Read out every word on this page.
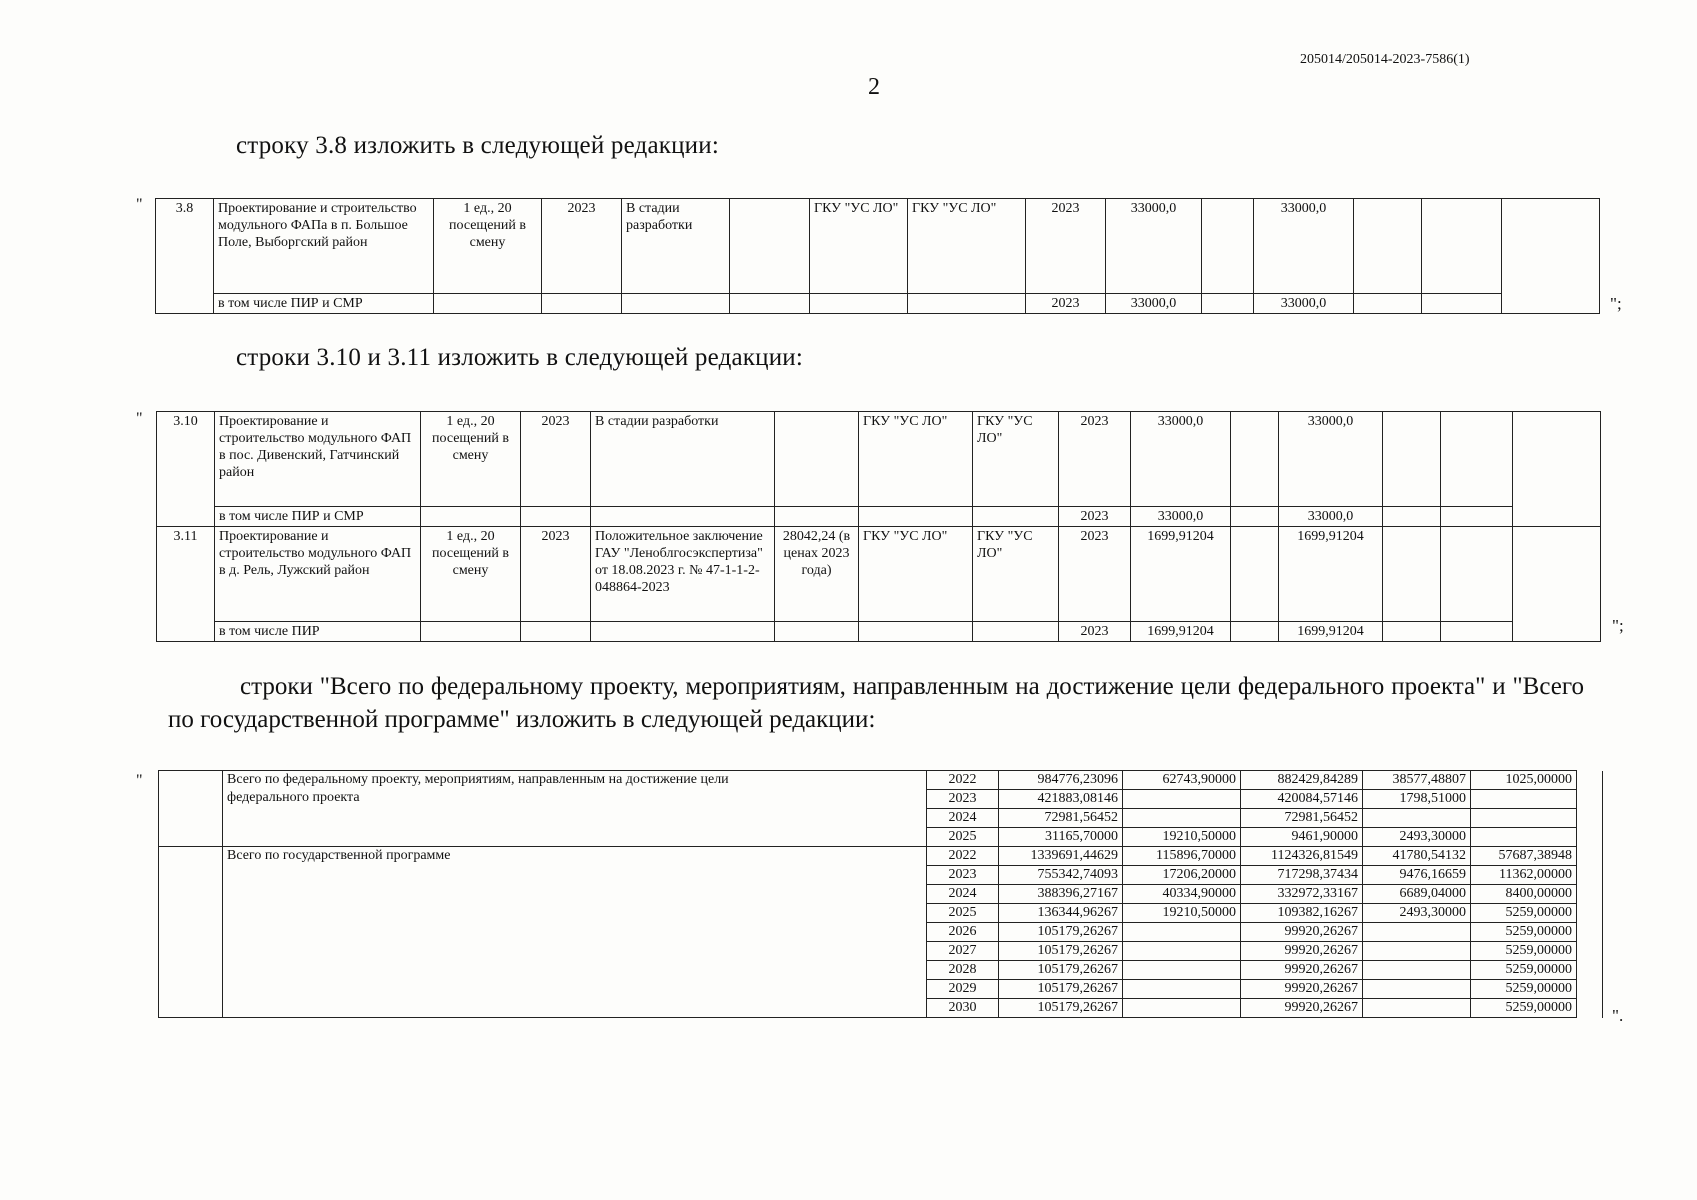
205014/205014-2023-7586(1)
2
строку 3.8 изложить в следующей редакции:
" 3.8	Проектирование и строительство модульного ФАПа в п. Большое Поле, Выборгский район	1 ед., 20 посещений в смену	2023	В стадии разработки		ГКУ "УС ЛО"	ГКУ "УС ЛО"	2023	33000,0		33000,0			
	в том числе ПИР и СМР							2023	33000,0		33000,0				";
строки 3.10 и 3.11 изложить в следующей редакции:
" 3.10	Проектирование и строительство модульного ФАП в пос. Дивенский, Гатчинский район	1 ед., 20 посещений в смену	2023	В стадии разработки		ГКУ "УС ЛО"	ГКУ "УС ЛО"	2023	33000,0		33000,0			
	в том числе ПИР и СМР							2023	33000,0		33000,0			
3.11	Проектирование и строительство модульного ФАП в д. Рель, Лужский район	1 ед., 20 посещений в смену	2023	Положительное заключение ГАУ "Леноблгосэкспертиза" от 18.08.2023 г. № 47-1-1-2-048864-2023	28042,24 (в ценах 2023 года)	ГКУ "УС ЛО"	ГКУ "УС ЛО"	2023	1699,91204		1699,91204			
	в том числе ПИР							2023	1699,91204		1699,91204				";
строки "Всего по федеральному проекту, мероприятиям, направленным на достижение цели федерального проекта" и "Всего по государственной программе" изложить в следующей редакции:
"
		Всего по федеральному проекту, мероприятиям, направленным на достижение цели федерального проекта	2022	984776,23096	62743,90000	882429,84289	38577,48807	1025,00000	
		2023	421883,08146		420084,57146	1798,51000		
		2024	72981,56452		72981,56452			
		2025	31165,70000	19210,50000	9461,90000	2493,30000		
	Всего по государственной программе	2022	1339691,44629	115896,70000	1124326,81549	41780,54132	57687,38948	
		2023	755342,74093	17206,20000	717298,37434	9476,16659	11362,00000	
		2024	388396,27167	40334,90000	332972,33167	6689,04000	8400,00000	
		2025	136344,96267	19210,50000	109382,16267	2493,30000	5259,00000	
		2026	105179,26267		99920,26267		5259,00000	
		2027	105179,26267		99920,26267		5259,00000	
		2028	105179,26267		99920,26267		5259,00000	
		2029	105179,26267		99920,26267		5259,00000	
		2030	105179,26267		99920,26267		5259,00000	".
